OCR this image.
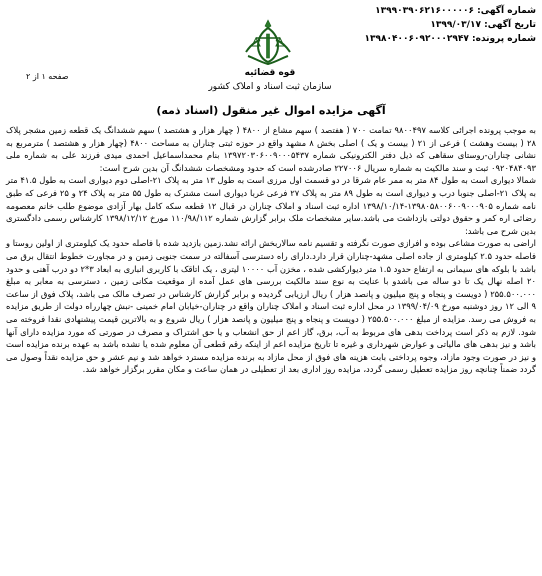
شماره آگهی: ۱۳۹۹۰۳۹۰۶۲۱۶۰۰۰۰۰۶
تاریخ آگهی: ۱۳۹۹/۰۳/۱۷
شماره پرونده: ۱۳۹۸۰۴۰۰۶۰۹۲۰۰۰۲۹۴۷
قوه قضائیه
سازمان ثبت اسناد و املاک کشور
صفحه ۱ از ۲
آگهی مزایده اموال غیر منقول (اسناد ذمه)

به موجب پرونده اجرائی کلاسه ۹۸۰۰۴۹۷ تمامت ۷۰۰ ( هفتصد ) سهم مشاع از ۴۸۰۰ ( چهار هزار و هشتصد ) سهم ششدانگ یک قطعه زمین مشجر پلاک ۲۸ ( بیست وهشت ) فرعی از ۲۱ ( بیست و یک ) اصلی بخش ۸ مشهد واقع در حوزه ثبتی چناران به مساحت ۴۸۰۰ (چهار هزار و هشتصد ) مترمربع به نشانی چناران-روستای سقاهی که ذیل دفتر الکترونیکی شماره ۱۳۹۷۲۰۳۰۶۰۰۹۰۰۰۵۴۳۷ بنام محمداسماعیل احمدی میدی فرزند علی به شماره ملی ۰۹۲۰۴۸۴۰۹۳ ثبت و سند مالکیت به شماره سریال ۲۲۷۰۰۶ صادرشده است که حدود ومشخصات ششدانگ آن بدین شرح است:

شمالا دیواری است به طول ۸۴ متر به ممر عام شرقا در دو قسمت اول مرزی است به طول ۱۳ متر به پلاک ۲۱-اصلی دوم دیواری است به طول ۴۱.۵ متر به پلاک ۲۱-اصلی جنوبا درب و دیواری است به طول ۸۹ متر به پلاک ۲۷ فرعی غربا دیواری است مشترک به طول ۵۵ متر به پلاک ۲۴ و ۲۵ فرعی که طبق نامه شماره ۱۳۹۸۰۵۸۰۰۶۰۰۹۰۰۰۹۰۵-۱۳۹۸/۱۰/۱۴ اداره ثبت اسناد و املاک چناران در قبال ۱۲ قطعه سکه کامل بهار آزادی موضوع طلب خانم معصومه رضائی اره کمر و حقوق دولتی بازداشت می باشد.سایر مشخصات ملک برابر گزارش شماره ۱۱۰/۹۸/۱۱۲ مورخ ۱۳۹۸/۱۲/۱۲ کارشناس رسمی دادگستری بدین شرح می باشد:

اراضی به صورت مشاعی بوده و افرازی صورت نگرفته و تقسیم نامه سالاربخش ارائه نشد.زمین بازدید شده با فاصله حدود یک کیلومتری از اولین روستا و فاصله حدود ۲.۵ کیلومتری از جاده اصلی مشهد-چناران قرار دارد.دارای راه دسترسی آسفالته در سمت جنوبی زمین و در مجاورت خطوط انتقال برق می باشد با بلوکه های سیمانی به ارتفاع حدود ۱.۵ متر دیوارکشی شده ، مخزن آب ۱۰۰۰۰ لیتری ، یک اتاقک با کاربری انباری به ابعاد ۳*۲ دو درب آهنی و حدود ۲۰ اصله نهال یک تا دو ساله می باشدو با عنایت به نوع سند مالکیت بررسی های عمل آمده از موقعیت مکانی زمین ، دسترسی به معابر به مبلغ ۲۵۵.۵۰۰.۰۰۰ ( دویست و پنجاه و پنج میلیون و پانصد هزار ) ریال ارزیابی گردیده و برابر گزارش کارشناس در تصرف مالک می باشد، پلاک فوق از ساعت ۹ الی ۱۲ روز دوشنبه مورخ ۱۳۹۹/۰۴/۰۹ در محل اداره ثبت اسناد و املاک چناران واقع در چناران-خیابان امام خمینی -نبش چهارراه دولت از طریق مزایده به فروش می رسد. مزایده از مبلغ ۲۵۵.۵۰۰.۰۰۰ ( دویست و پنجاه و پنج میلیون و پانصد هزار ) ریال شروع و به بالاترین قیمت پیشنهادی نقدا فروخته می شود. لازم به ذکر است پرداخت بدهی های مربوط به آب، برق، گاز اعم از حق انشعاب و یا حق اشتراک و مصرف در صورتی که مورد مزایده دارای آنها باشد و نیز بدهی های مالیاتی و عوارض شهرداری و غیره تا تاریخ مزایده اعم از اینکه رقم قطعی آن معلوم شده یا نشده باشد به عهده برنده مزایده است و نیز در صورت وجود مازاد، وجوه پرداختی بابت هزینه های فوق از محل مازاد به برنده مزایده مسترد خواهد شد و نیم عشر و حق مزایده نقداً وصول می گردد ضمناً چنانچه روز مزایده تعطیل رسمی گردد، مزایده روز اداری بعد از تعطیلی در همان ساعت و مکان مقرر برگزار خواهد شد.
